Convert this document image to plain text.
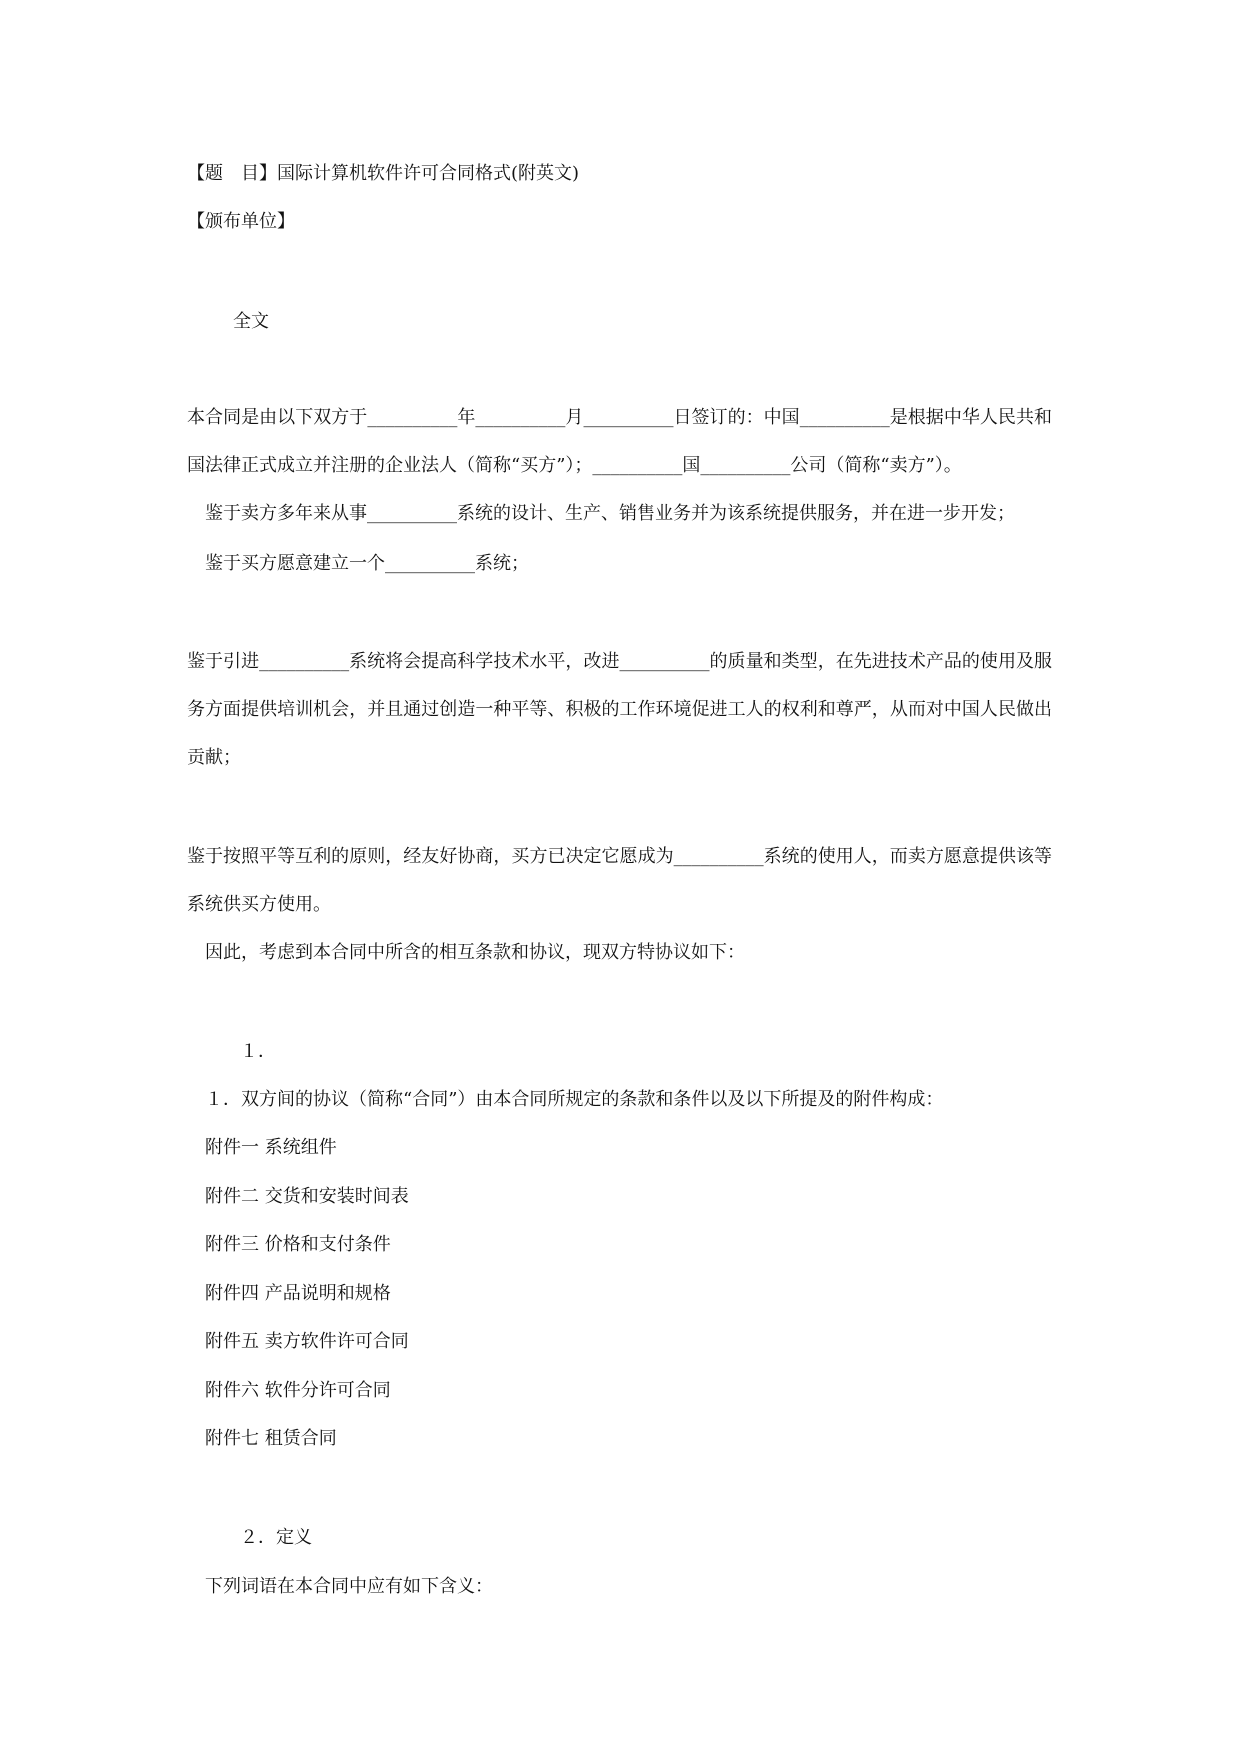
【题　目】国际计算机软件许可合同格式(附英文)
【颁布单位】
全文
本合同是由以下双方于__________年__________月__________日签订的：中国__________是根据中华人民共和国法律正式成立并注册的企业法人（简称“买方”）；__________国__________公司（简称“卖方”）。
鉴于卖方多年来从事__________系统的设计、生产、销售业务并为该系统提供服务，并在进一步开发；
鉴于买方愿意建立一个__________系统；
鉴于引进__________系统将会提高科学技术水平，改进__________的质量和类型，在先进技术产品的使用及服务方面提供培训机会，并且通过创造一种平等、积极的工作环境促进工人的权利和尊严，从而对中国人民做出贡献；
鉴于按照平等互利的原则，经友好协商，买方已决定它愿成为__________系统的使用人，而卖方愿意提供该等系统供买方使用。
因此，考虑到本合同中所含的相互条款和协议，现双方特协议如下：
１．
１．双方间的协议（简称“合同”）由本合同所规定的条款和条件以及以下所提及的附件构成：
附件一 系统组件
附件二 交货和安装时间表
附件三 价格和支付条件
附件四 产品说明和规格
附件五 卖方软件许可合同
附件六 软件分许可合同
附件七 租赁合同
２．定义
下列词语在本合同中应有如下含义：
